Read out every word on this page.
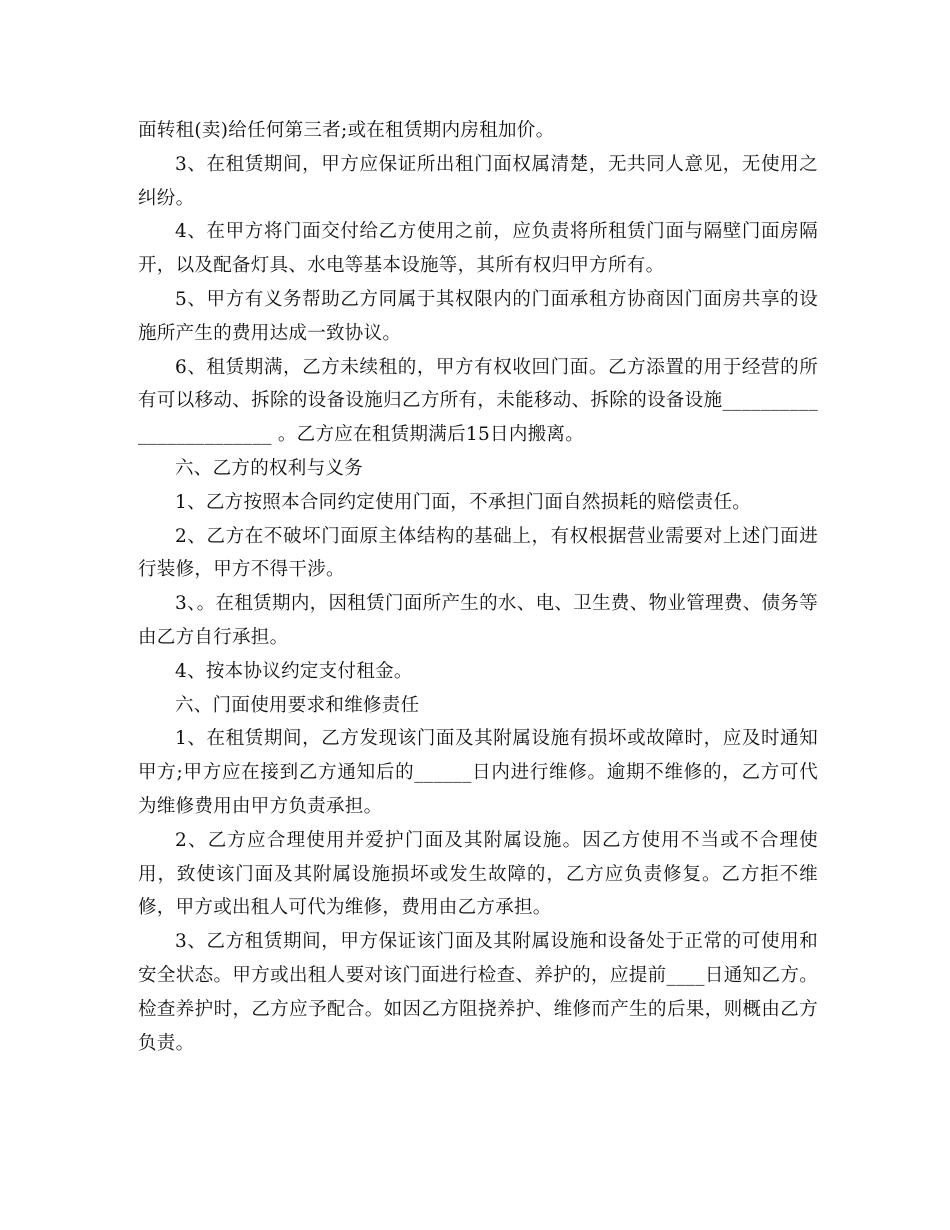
面转租(卖)给任何第三者;或在租赁期内房租加价。

3、在租赁期间，甲方应保证所出租门面权属清楚，无共同人意见，无使用之纠纷。

4、在甲方将门面交付给乙方使用之前，应负责将所租赁门面与隔壁门面房隔开，以及配备灯具、水电等基本设施等，其所有权归甲方所有。

5、甲方有义务帮助乙方同属于其权限内的门面承租方协商因门面房共享的设施所产生的费用达成一致协议。

6、租赁期满，乙方未续租的，甲方有权收回门面。乙方添置的用于经营的所有可以移动、拆除的设备设施归乙方所有，未能移动、拆除的设备设施__________ ______________ 。乙方应在租赁期满后15日内搬离。

六、乙方的权利与义务

1、乙方按照本合同约定使用门面，不承担门面自然损耗的赔偿责任。

2、乙方在不破坏门面原主体结构的基础上，有权根据营业需要对上述门面进行装修，甲方不得干涉。

3、。在租赁期内，因租赁门面所产生的水、电、卫生费、物业管理费、债务等由乙方自行承担。

4、按本协议约定支付租金。

六、门面使用要求和维修责任

1、在租赁期间，乙方发现该门面及其附属设施有损坏或故障时，应及时通知甲方;甲方应在接到乙方通知后的______日内进行维修。逾期不维修的，乙方可代为维修费用由甲方负责承担。

2、乙方应合理使用并爱护门面及其附属设施。因乙方使用不当或不合理使用，致使该门面及其附属设施损坏或发生故障的，乙方应负责修复。乙方拒不维修，甲方或出租人可代为维修，费用由乙方承担。

3、乙方租赁期间，甲方保证该门面及其附属设施和设备处于正常的可使用和安全状态。甲方或出租人要对该门面进行检查、养护的，应提前____日通知乙方。检查养护时，乙方应予配合。如因乙方阻挠养护、维修而产生的后果，则概由乙方负责。
